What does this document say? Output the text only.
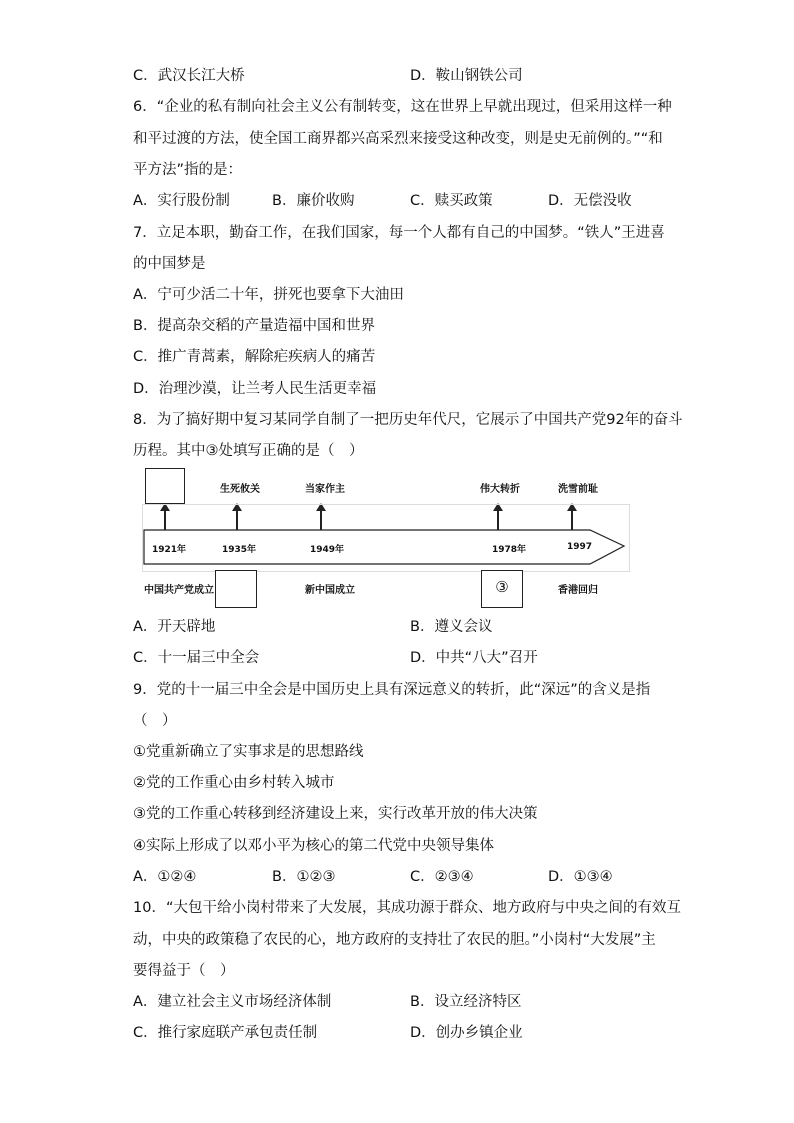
C．武汉长江大桥	D．鞍山钢铁公司
6．“企业的私有制向社会主义公有制转变，这在世界上早就出现过，但采用这样一种
和平过渡的方法，使全国工商界都兴高采烈来接受这种改变，则是史无前例的。”“和
平方法”指的是：
A．实行股份制	B．廉价收购	C．赎买政策	D．无偿没收
7．立足本职，勤奋工作，在我们国家，每一个人都有自己的中国梦。“铁人”王进喜
的中国梦是
A．宁可少活二十年，拼死也要拿下大油田
B．提高杂交稻的产量造福中国和世界
C．推广青蒿素，解除疟疾病人的痛苦
D．治理沙漠，让兰考人民生活更幸福
8．为了搞好期中复习某同学自制了一把历史年代尺，它展示了中国共产党92年的奋斗
历程。其中③处填写正确的是（　）
生死攸关	当家作主	伟大转折	洗雪前耻
1921年	1935年	1949年	1978年	1997
中国共产党成立	新中国成立	③	香港回归
A．开天辟地	B．遵义会议
C．十一届三中全会	D．中共“八大”召开
9．党的十一届三中全会是中国历史上具有深远意义的转折，此“深远”的含义是指
（　）
①党重新确立了实事求是的思想路线
②党的工作重心由乡村转入城市
③党的工作重心转移到经济建设上来，实行改革开放的伟大决策
④实际上形成了以邓小平为核心的第二代党中央领导集体
A．①②④	B．①②③	C．②③④	D．①③④
10．“大包干给小岗村带来了大发展，其成功源于群众、地方政府与中央之间的有效互
动，中央的政策稳了农民的心，地方政府的支持壮了农民的胆。”小岗村“大发展”主
要得益于（　）
A．建立社会主义市场经济体制	B．设立经济特区
C．推行家庭联产承包责任制	D．创办乡镇企业
